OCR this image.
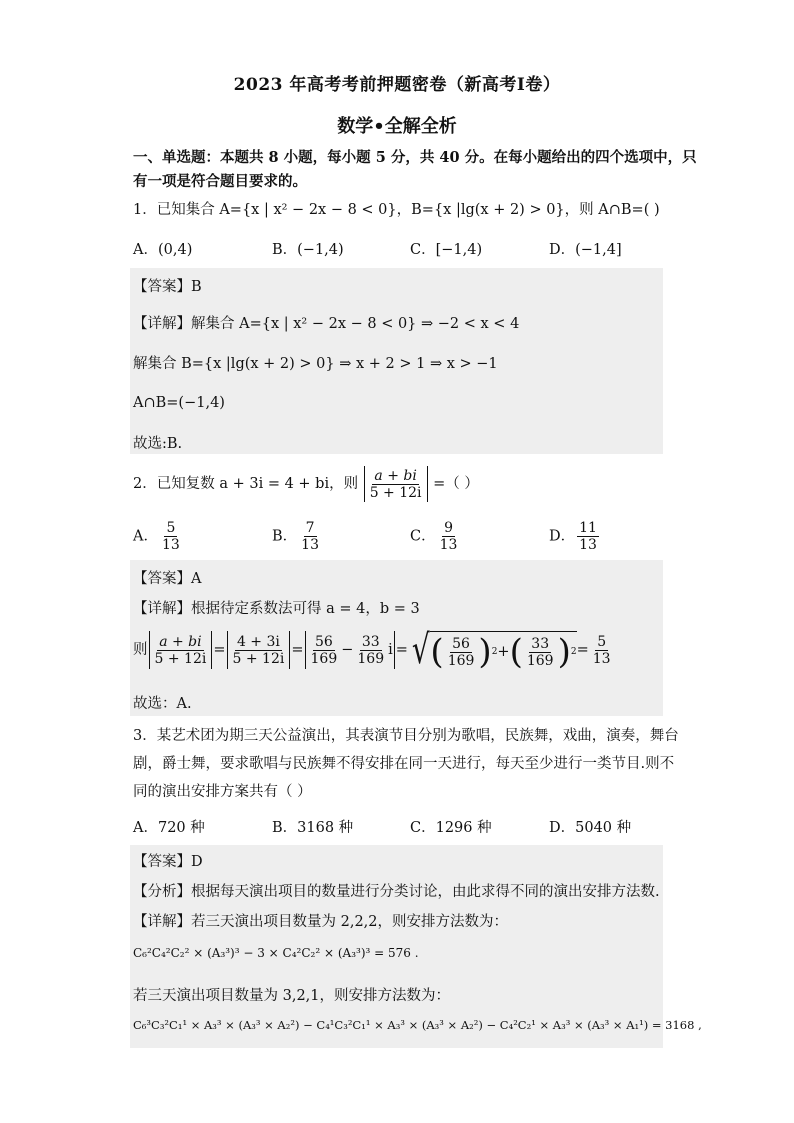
2023 年高考考前押题密卷（新高考Ⅰ卷）
数学•全解全析
一、单选题：本题共 8 小题，每小题 5 分，共 40 分。在每小题给出的四个选项中，只
有一项是符合题目要求的。
1．已知集合 A={x | x² − 2x − 8 < 0}，B={x |lg(x + 2) > 0}，则 A∩B=( )
A．(0,4)	B．(−1,4)	C．[−1,4)	D．(−1,4]
【答案】B
【详解】解集合 A={x | x² − 2x − 8 < 0} ⇒ −2 < x < 4
解集合 B={x |lg(x + 2) > 0} ⇒ x + 2 > 1 ⇒ x > −1
A∩B=(−1,4)
故选:B.
2．已知复数 a + 3i = 4 + bi，则 $\frac{a + bi}{5 + 12i}$ =（ ）
A． $\frac{5}{13}$	B． $\frac{7}{13}$	C． $\frac{9}{13}$	D． $\frac{11}{13}$
【答案】A
【详解】根据待定系数法可得 a = 4，b = 3
则 $\frac{a + bi}{5 + 12i} = \frac{4 + 3i}{5 + 12i} = \frac{56}{169} - \frac{33}{169}$ i = √ ( $\frac{56}{169}$ ) 2 + ( $\frac{33}{169}$ ) $2 = \frac{5}{13}$
故选：A.
3．某艺术团为期三天公益演出，其表演节目分别为歌唱，民族舞，戏曲，演奏，舞台
剧，爵士舞，要求歌唱与民族舞不得安排在同一天进行，每天至少进行一类节目.则不
同的演出安排方案共有（ ）
A．720 种	B．3168 种	C．1296 种	D．5040 种
【答案】D
【分析】根据每天演出项目的数量进行分类讨论，由此求得不同的演出安排方法数.
【详解】若三天演出项目数量为 2,2,2，则安排方法数为：
C₆²C₄²C₂² × (A₃³)³ − 3 × C₄²C₂² × (A₃³)³ = 576 .
若三天演出项目数量为 3,2,1，则安排方法数为：
C₆³C₃²C₁¹ × A₃³ × (A₃³ × A₂²) − C₄¹C₃²C₁¹ × A₃³ × (A₃³ × A₂²) − C₄²C₂¹ × A₃³ × (A₃³ × A₁¹) = 3168 ,
